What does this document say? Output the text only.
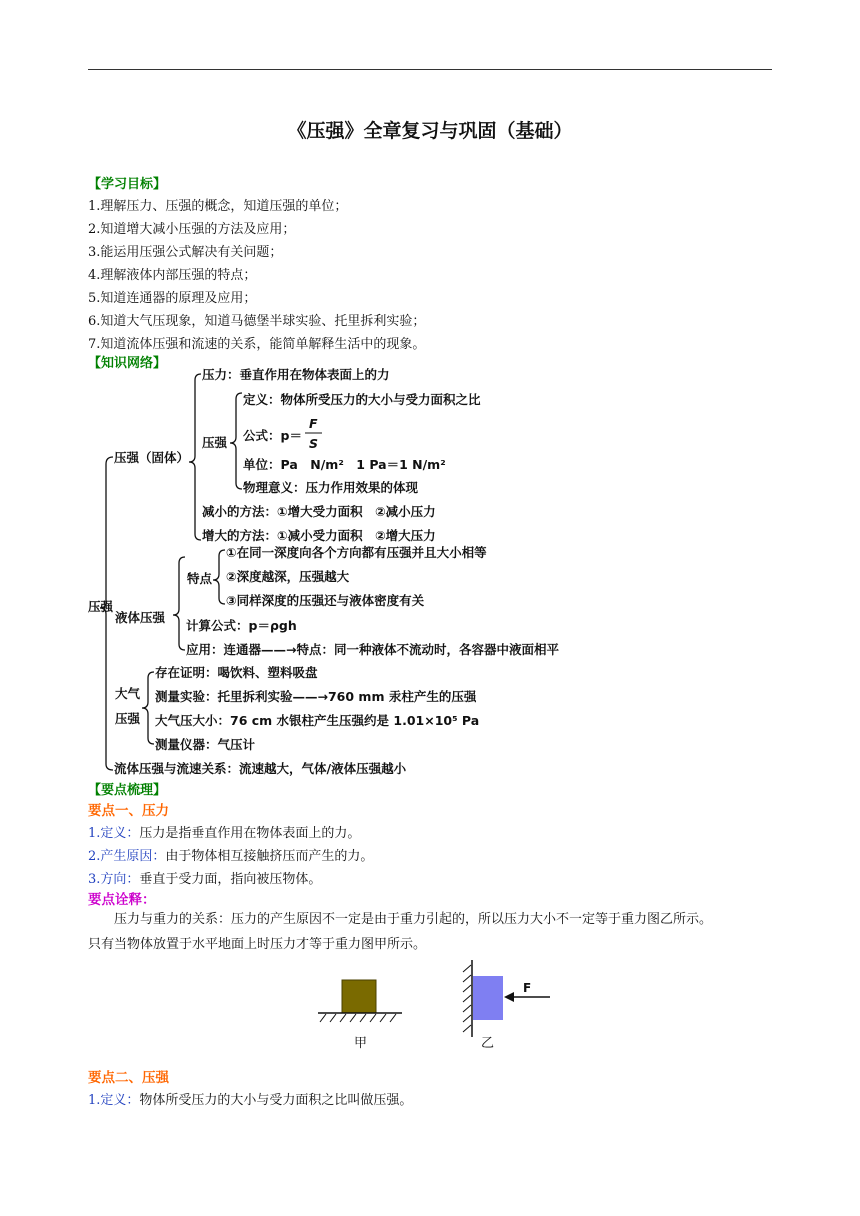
《压强》全章复习与巩固（基础）
【学习目标】
1.理解压力、压强的概念，知道压强的单位；
2.知道增大减小压强的方法及应用；
3.能运用压强公式解决有关问题；
4.理解液体内部压强的特点；
5.知道连通器的原理及应用；
6.知道大气压现象，知道马德堡半球实验、托里拆利实验；
7.知道流体压强和流速的关系，能简单解释生活中的现象。
【知识网络】
压强
压强（固体）
压力：垂直作用在物体表面上的力
压强
定义：物体所受压力的大小与受力面积之比
公式：p＝
F
S
单位：Pa　N/m²　1 Pa＝1 N/m²
物理意义：压力作用效果的体现
减小的方法：①增大受力面积　②减小压力
增大的方法：①减小受力面积　②增大压力
液体压强
特点
①在同一深度向各个方向都有压强并且大小相等
②深度越深，压强越大
③同样深度的压强还与液体密度有关
计算公式：p＝ρgh
应用：连通器——→特点：同一种液体不流动时，各容器中液面相平
大气
压强
存在证明：喝饮料、塑料吸盘
测量实验：托里拆利实验——→760 mm 汞柱产生的压强
大气压大小：76 cm 水银柱产生压强约是 1.01×10⁵ Pa
测量仪器：气压计
流体压强与流速关系：流速越大，气体/液体压强越小
【要点梳理】
要点一、压力
1.定义：压力是指垂直作用在物体表面上的力。
2.产生原因：由于物体相互接触挤压而产生的力。
3.方向：垂直于受力面，指向被压物体。
要点诠释：
压力与重力的关系：压力的产生原因不一定是由于重力引起的，所以压力大小不一定等于重力图乙所示。
只有当物体放置于水平地面上时压力才等于重力图甲所示。
甲
F
乙
要点二、压强
1.定义：物体所受压力的大小与受力面积之比叫做压强。
